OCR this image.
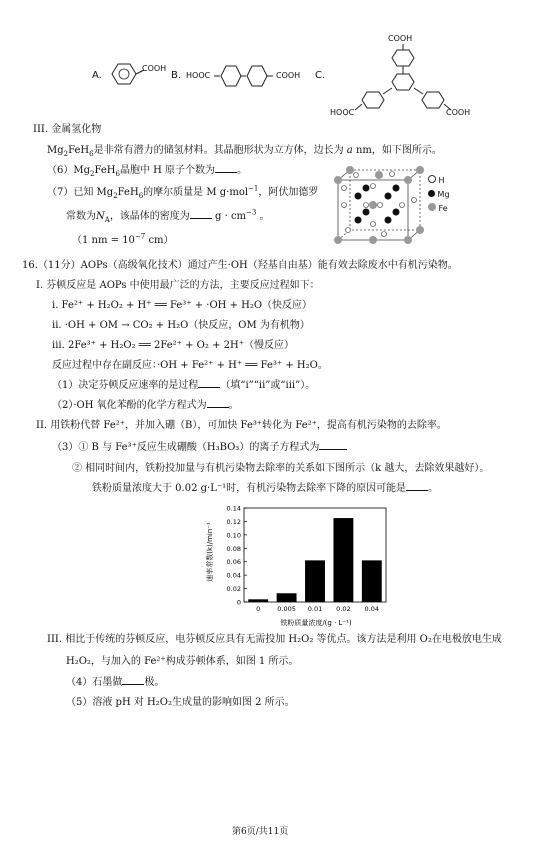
A.
COOH
B. HOOC	COOH C.
COOH
HOOC	COOH
III. 金属氢化物
$Mg_2FeH_6$是非常有潜力的储氢材料。其晶胞形状为立方体，边长为 a nm，如下图所示。
$(6)Mg_2FeH_6$晶胞中 H 原子个数为 。
（7）已知 $Mg_2FeH_6$的摩尔质量是 M g·mol$^{-1}$，阿伏加德罗
常数为$N_A$，该晶体的密度为	$g \cdot cm^{-3}$ 。
（1 nm = $10^{-7}$ cm）
H
Mg
Fe
16.（11分）AOPs（高级氧化技术）通过产生·OH（羟基自由基）能有效去除废水中有机污染物。
I. 芬顿反应是 AOPs 中使用最广泛的方法，主要反应过程如下：
i. Fe²⁺ + H₂O₂ + H⁺ ══ Fe³⁺ + ·OH + H₂O（快反应）
ii. ·OH + OM → CO₂ + H₂O（快反应，OM 为有机物）
iii. 2Fe³⁺ + H₂O₂ ══ 2Fe²⁺ + O₂ + 2H⁺（慢反应）
反应过程中存在副反应：·OH + Fe²⁺ + H⁺ ══ Fe³⁺ + H₂O。
（1）决定芬顿反应速率的是过程 （填“i”“ii”或“iii”）。
（2）·OH 氧化苯酚的化学方程式为 。
II. 用铁粉代替 Fe²⁺，并加入硼（B），可加快 Fe³⁺转化为 Fe²⁺，提高有机污染物的去除率。
（3）① B 与 Fe³⁺反应生成硼酸（H₃BO₃）的离子方程式为
② 相同时间内，铁粉投加量与有机污染物去除率的关系如下图所示（k 越大，去除效果越好）。
铁粉质量浓度大于 0.02 g·L⁻¹时，有机污染物去除率下降的原因可能是 。
0	0.005 0.01 0.02 0.04
0
0.02
0.04
0.06
0.08
0.10
0.12
0.14
速率常数(k)/min⁻¹
铁粉质量浓度/(g · L⁻¹)
III. 相比于传统的芬顿反应，电芬顿反应具有无需投加 H₂O₂ 等优点。该方法是利用 O₂在电极放电生成
H₂O₂，与加入的 Fe²⁺构成芬顿体系，如图 1 所示。
（4）石墨做 极。
（5）溶液 pH 对 H₂O₂生成量的影响如图 2 所示。
第6页/共11页
